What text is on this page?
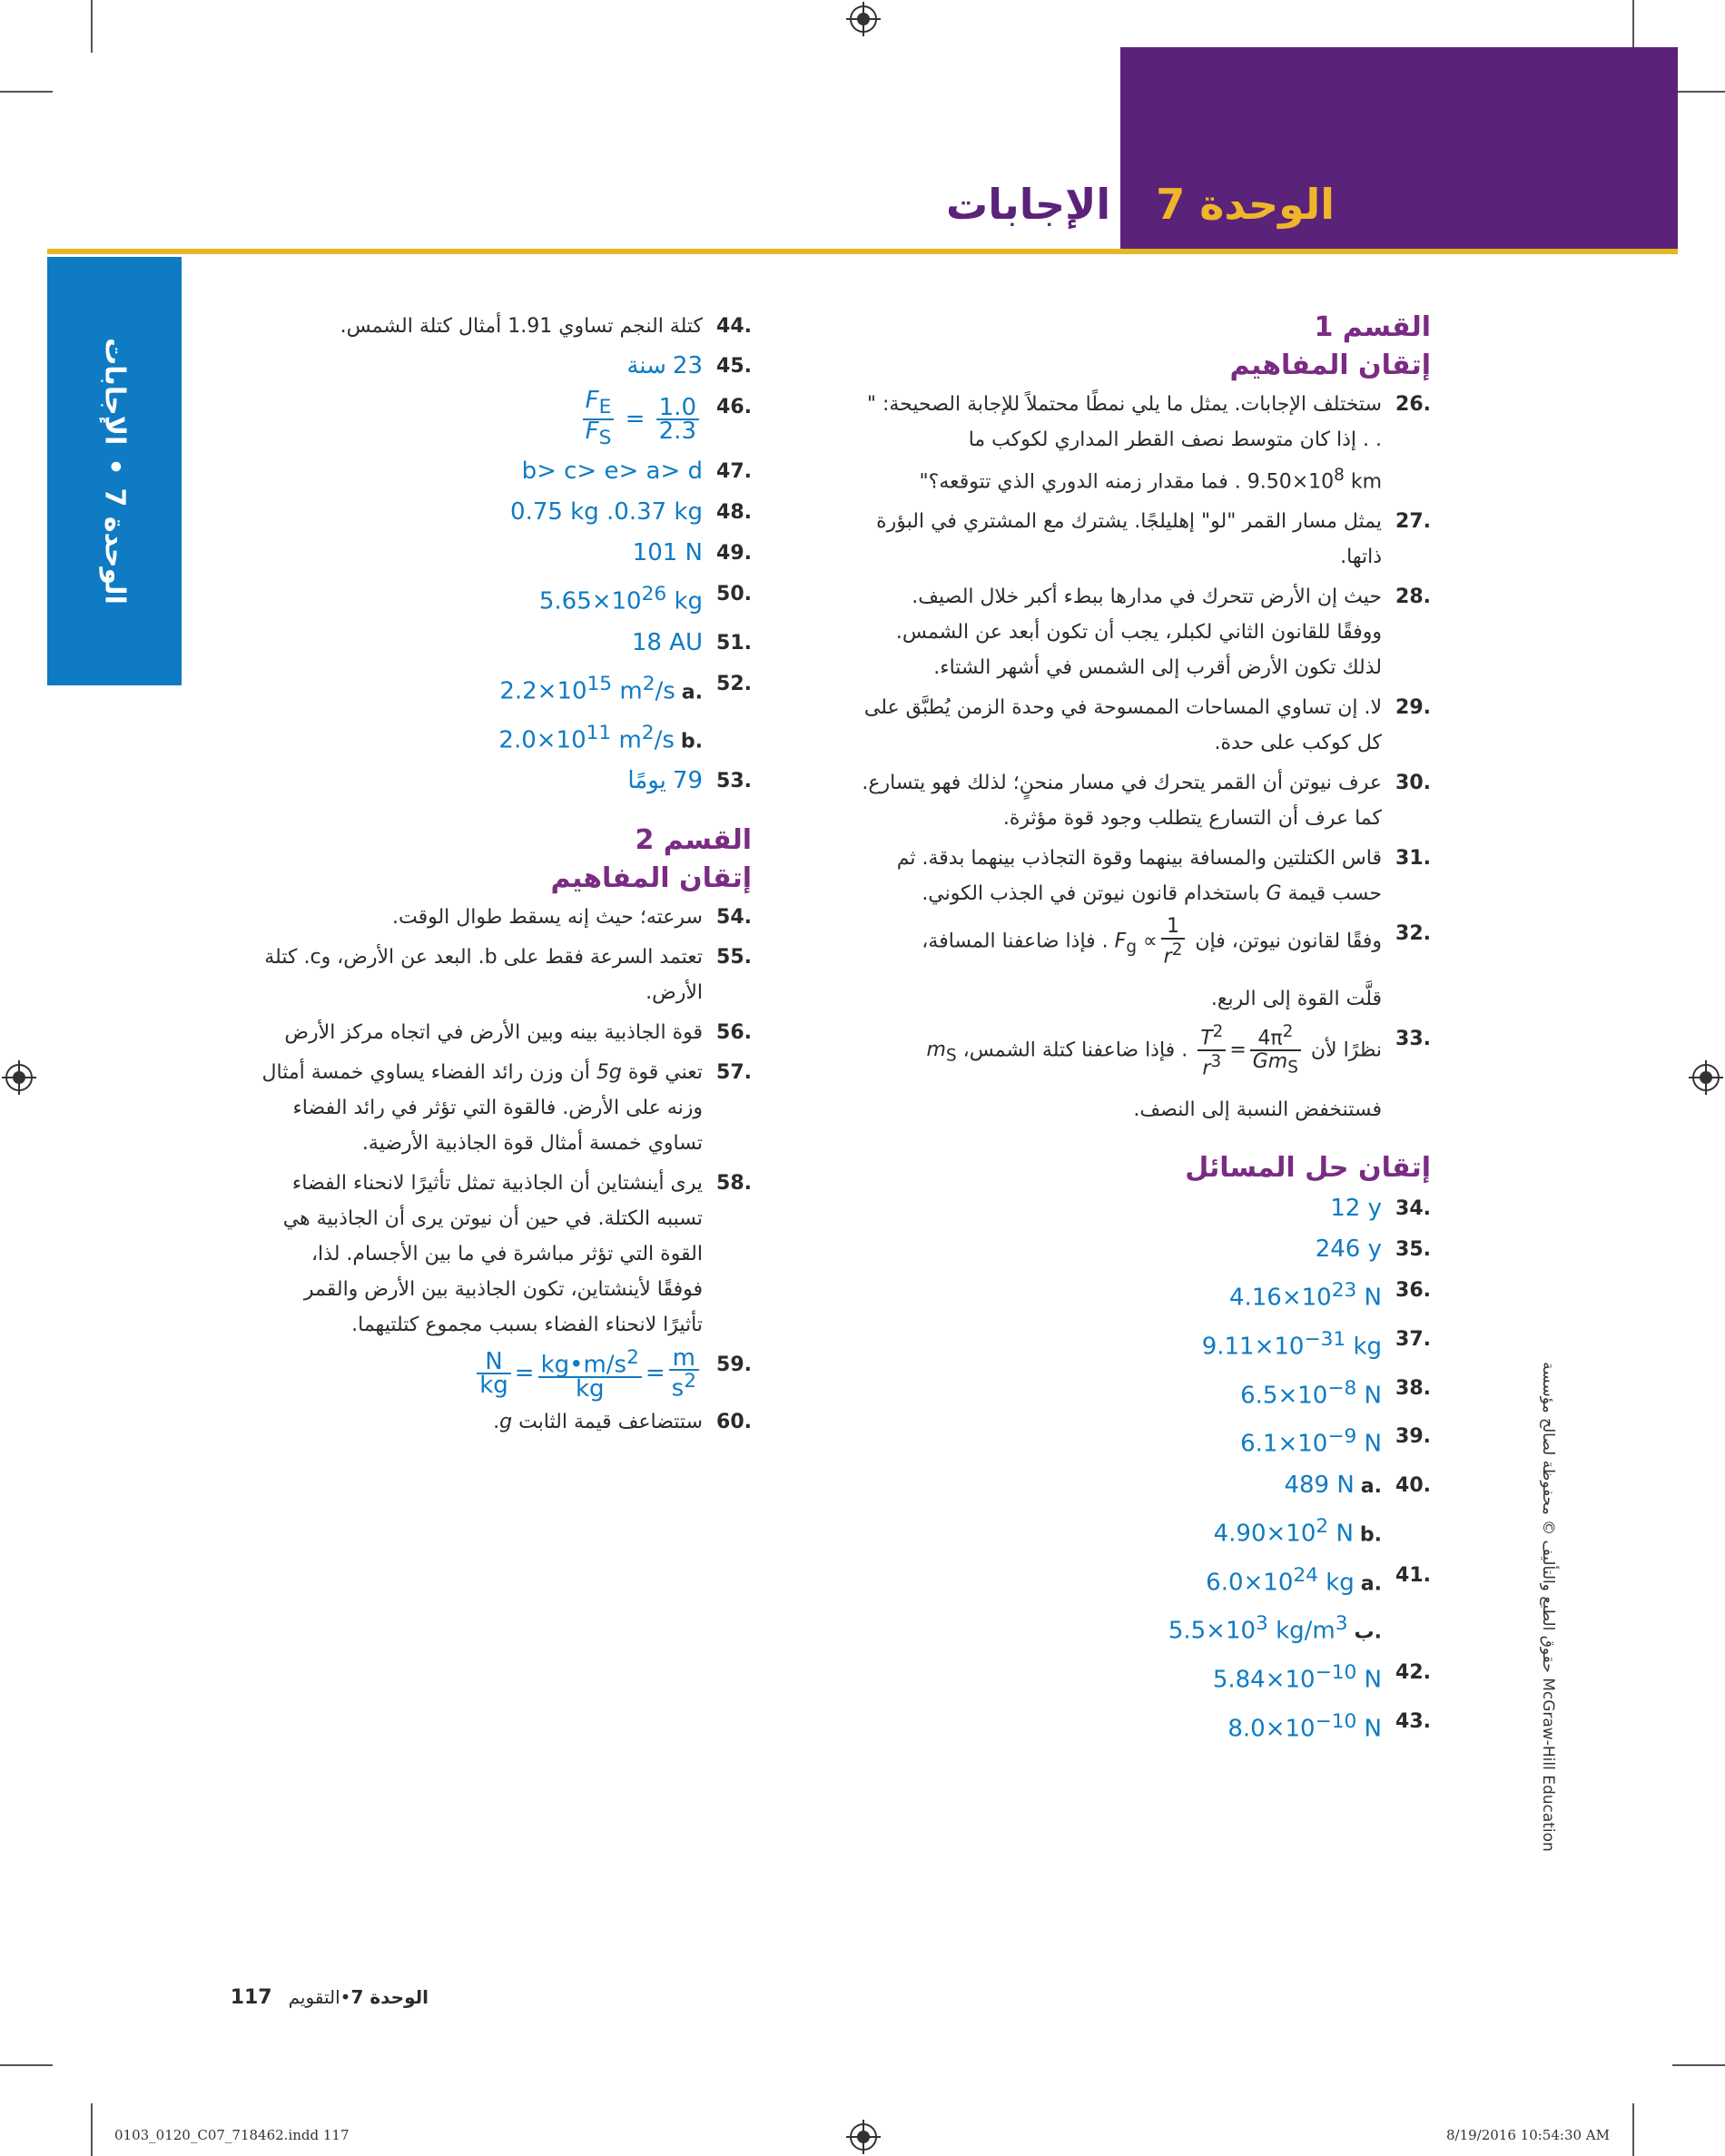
الوحدة 7الإجابات
الوحدة 7•الإجابات
القسم 1
إتقان المفاهيم
.26
ستختلف الإجابات. يمثل ما يلي نمطًا محتملاً للإجابة الصحيحة: " . . إذا كان متوسط نصف القطر المداري لكوكب ما $9.50\times 10^8$ km . فما مقدار زمنه الدوري الذي تتوقعه؟"
.27
يمثل مسار القمر "لو" إهليلجًا. يشترك مع المشتري في البؤرة ذاتها.
.28
حيث إن الأرض تتحرك في مدارها ببطء أكبر خلال الصيف. ووفقًا للقانون الثاني لكبلر، يجب أن تكون أبعد عن الشمس. لذلك تكون الأرض أقرب إلى الشمس في أشهر الشتاء.
.29
لا. إن تساوي المساحات الممسوحة في وحدة الزمن يُطبَّق على كل كوكب على حدة.
.30
عرف نيوتن أن القمر يتحرك في مسار منحنٍ؛ لذلك فهو يتسارع. كما عرف أن التسارع يتطلب وجود قوة مؤثرة.
.31
قاس الكتلتين والمسافة بينهما وقوة التجاذب بينهما بدقة. ثم حسب قيمة G باستخدام قانون نيوتن في الجذب الكوني.
.32
وفقًا لقانون نيوتن، فإن $F_g \propto \frac{1}{r^2}$
. فإذا ضاعفنا المسافة،
قلَّت القوة إلى الربع.
.33
نظرًا لأن
$\frac{T^2}{r^3} = \frac{4\pi^2}{Gm_S}$
. فإذا ضاعفنا كتلة الشمس، $m_S$
فستنخفض النسبة إلى النصف.
إتقان حل المسائل
.34
12 y
.35
246 y
.36
$4.16\times 10^{23}$ N
.37
$9.11\times 10^{-31}$ kg
.38
$6.5\times 10^{-8}$ N
.39
$6.1\times 10^{-9}$ N
.40
.a 489 N
.b $4.90\times 10^2$ N
.41
.a $6.0\times 10^{24}$ kg
.ب $5.5\times 10^3$ $kg/m^3$
.42
$5.84\times 10^{-10}$ N
.43
$8.0\times 10^{-10}$ N
.44
كتلة النجم تساوي 1.91 أمثال كتلة الشمس.
.45
23 سنة
.46
$\frac{F_E}{F_S} = \frac{1.0}{2.3}$
.47
b> c> e> a> d
.48
0.75 kg .0.37 kg
.49
101 N
.50
$5.65\times 10^{26}$ kg
.51
18 AU
.52
.a $2.2\times 10^{15}$ $m^2/s$
.b $2.0\times 10^{11}$ $m^2/s$
.53
79 يومًا
القسم 2
إتقان المفاهيم
.54
سرعته؛ حيث إنه يسقط طوال الوقت.
.55
تعتمد السرعة فقط على b. البعد عن الأرض، وc. كتلة الأرض.
.56
قوة الجاذبية بينه وبين الأرض في اتجاه مركز الأرض
.57
تعني قوة 5g أن وزن رائد الفضاء يساوي خمسة أمثال وزنه على الأرض. فالقوة التي تؤثر في رائد الفضاء تساوي خمسة أمثال قوة الجاذبية الأرضية.
.58
يرى أينشتاين أن الجاذبية تمثل تأثيرًا لانحناء الفضاء تسببه الكتلة. في حين أن نيوتن يرى أن الجاذبية هي القوة التي تؤثر مباشرة في ما بين الأجسام. لذا، فوفقًا لأينشتاين، تكون الجاذبية بين الأرض والقمر تأثيرًا لانحناء الفضاء بسبب مجموع كتلتيهما.
.59
$\frac{N}{kg} = \frac{kg•m/s^2}{kg} = \frac{m}{s^2}$
.60
ستتضاعف قيمة الثابت g.	حقوق الطبع والتأليف © محفوظة لصالح مؤسسة McGraw-Hill Education
الوحدة 7•التقويم117
0103_0120_C07_718462.indd 117	8/19/2016 10:54:30 AM
